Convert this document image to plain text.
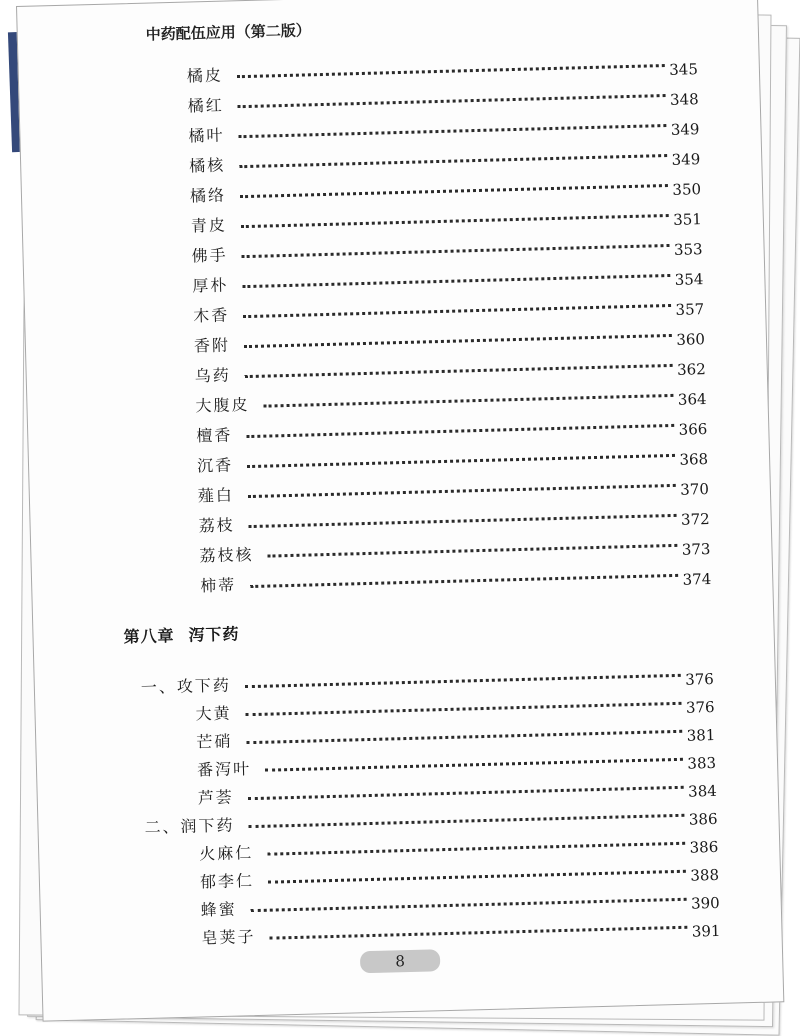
中药配伍应用（第二版）
橘皮	345
橘红	348
橘叶	349
橘核	349
橘络	350
青皮	351
佛手	353
厚朴	354
木香	357
香附	360
乌药	362
大腹皮	364
檀香	366
沉香	368
薤白	370
荔枝	372
荔枝核	373
柿蒂	374
第八章 泻下药
一、攻下药	376
大黄	376
芒硝	381
番泻叶	383
芦荟	384
二、润下药	386
火麻仁	386
郁李仁	388
蜂蜜	390
皂荚子	391
8
